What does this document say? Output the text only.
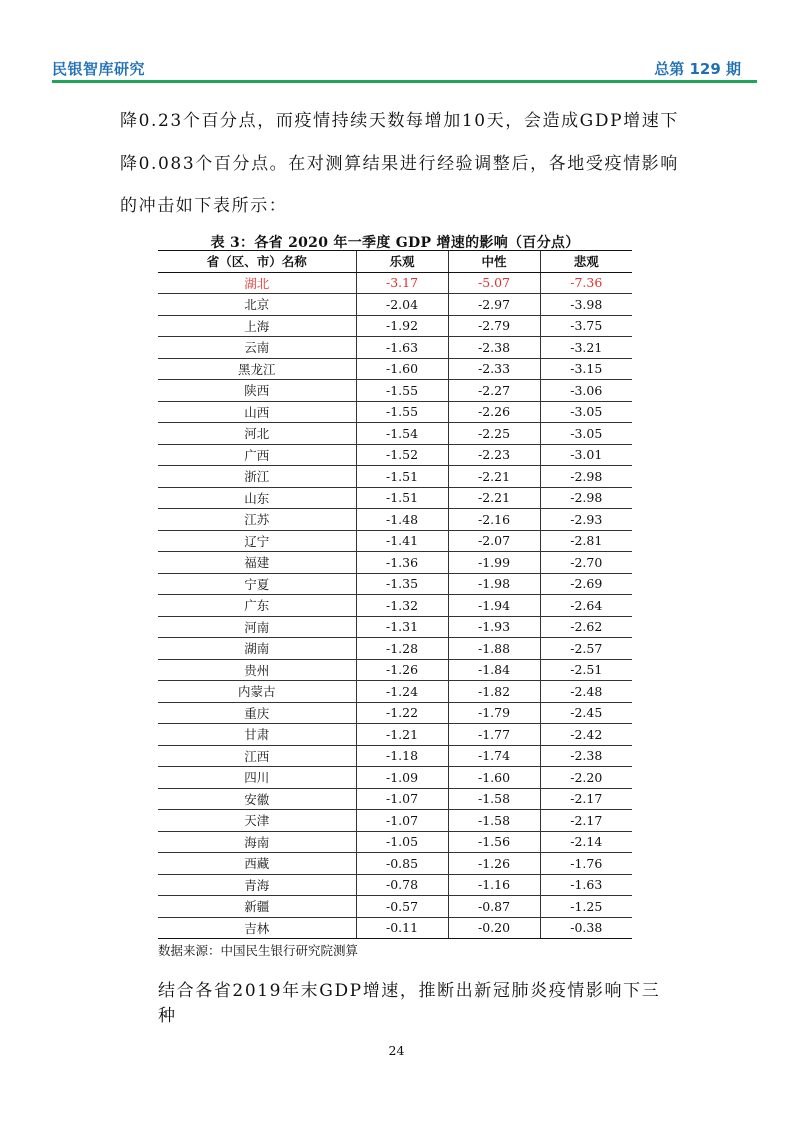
民银智库研究	总第 129 期
降0.23个百分点，而疫情持续天数每增加10天，会造成GDP增速下
降0.083个百分点。在对测算结果进行经验调整后，各地受疫情影响
的冲击如下表所示：
表 3：各省 2020 年一季度 GDP 增速的影响（百分点）
省（区、市）名称	乐观	中性	悲观
湖北	-3.17	-5.07	-7.36
北京	-2.04	-2.97	-3.98
上海	-1.92	-2.79	-3.75
云南	-1.63	-2.38	-3.21
黑龙江	-1.60	-2.33	-3.15
陕西	-1.55	-2.27	-3.06
山西	-1.55	-2.26	-3.05
河北	-1.54	-2.25	-3.05
广西	-1.52	-2.23	-3.01
浙江	-1.51	-2.21	-2.98
山东	-1.51	-2.21	-2.98
江苏	-1.48	-2.16	-2.93
辽宁	-1.41	-2.07	-2.81
福建	-1.36	-1.99	-2.70
宁夏	-1.35	-1.98	-2.69
广东	-1.32	-1.94	-2.64
河南	-1.31	-1.93	-2.62
湖南	-1.28	-1.88	-2.57
贵州	-1.26	-1.84	-2.51
内蒙古	-1.24	-1.82	-2.48
重庆	-1.22	-1.79	-2.45
甘肃	-1.21	-1.77	-2.42
江西	-1.18	-1.74	-2.38
四川	-1.09	-1.60	-2.20
安徽	-1.07	-1.58	-2.17
天津	-1.07	-1.58	-2.17
海南	-1.05	-1.56	-2.14
西藏	-0.85	-1.26	-1.76
青海	-0.78	-1.16	-1.63
新疆	-0.57	-0.87	-1.25
吉林	-0.11	-0.20	-0.38
数据来源：中国民生银行研究院测算
结合各省2019年末GDP增速，推断出新冠肺炎疫情影响下三种
24
